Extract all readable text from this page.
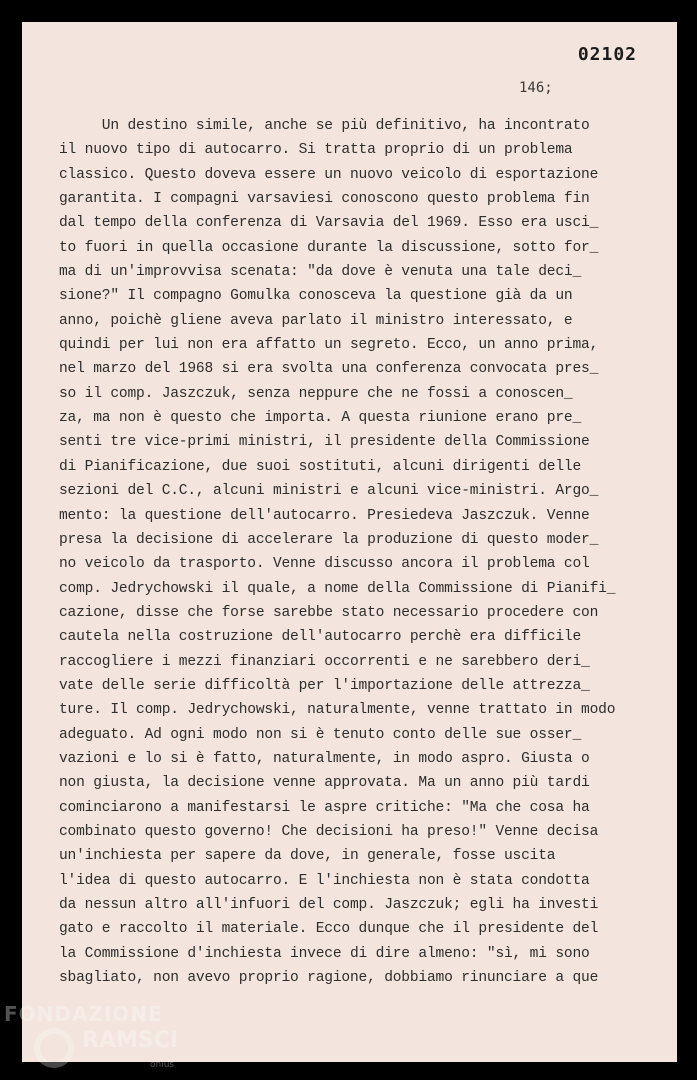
02102
146;
Un destino simile, anche se più definitivo, ha incontrato
il nuovo tipo di autocarro. Si tratta proprio di un problema
classico. Questo doveva essere un nuovo veicolo di esportazione
garantita. I compagni varsaviesi conoscono questo problema fin
dal tempo della conferenza di Varsavia del 1969. Esso era usci_
to fuori in quella occasione durante la discussione, sotto for_
ma di un'improvvisa scenata: "da dove è venuta una tale deci_
sione?" Il compagno Gomulka conosceva la questione già da un
anno, poichè gliene aveva parlato il ministro interessato, e
quindi per lui non era affatto un segreto. Ecco, un anno prima,
nel marzo del 1968 si era svolta una conferenza convocata pres_
so il comp. Jaszczuk, senza neppure che ne fossi a conoscen_
za, ma non è questo che importa. A questa riunione erano pre_
senti tre vice-primi ministri, il presidente della Commissione
di Pianificazione, due suoi sostituti, alcuni dirigenti delle
sezioni del C.C., alcuni ministri e alcuni vice-ministri. Argo_
mento: la questione dell'autocarro. Presiedeva Jaszczuk. Venne
presa la decisione di accelerare la produzione di questo moder_
no veicolo da trasporto. Venne discusso ancora il problema col
comp. Jedrychowski il quale, a nome della Commissione di Pianifi_
cazione, disse che forse sarebbe stato necessario procedere con
cautela nella costruzione dell'autocarro perchè era difficile
raccogliere i mezzi finanziari occorrenti e ne sarebbero deri_
vate delle serie difficoltà per l'importazione delle attrezza_
ture. Il comp. Jedrychowski, naturalmente, venne trattato in modo
adeguato. Ad ogni modo non si è tenuto conto delle sue osser_
vazioni e lo si è fatto, naturalmente, in modo aspro. Giusta o
non giusta, la decisione venne approvata. Ma un anno più tardi
cominciarono a manifestarsi le aspre critiche: "Ma che cosa ha
combinato questo governo! Che decisioni ha preso!" Venne decisa
un'inchiesta per sapere da dove, in generale, fosse uscita
l'idea di questo autocarro. E l'inchiesta non è stata condotta
da nessun altro all'infuori del comp. Jaszczuk; egli ha investi
gato e raccolto il materiale. Ecco dunque che il presidente del
la Commissione d'inchiesta invece di dire almeno: "sì, mi sono
sbagliato, non avevo proprio ragione, dobbiamo rinunciare a que
FONDAZIONE
RAMSCI
onlus
